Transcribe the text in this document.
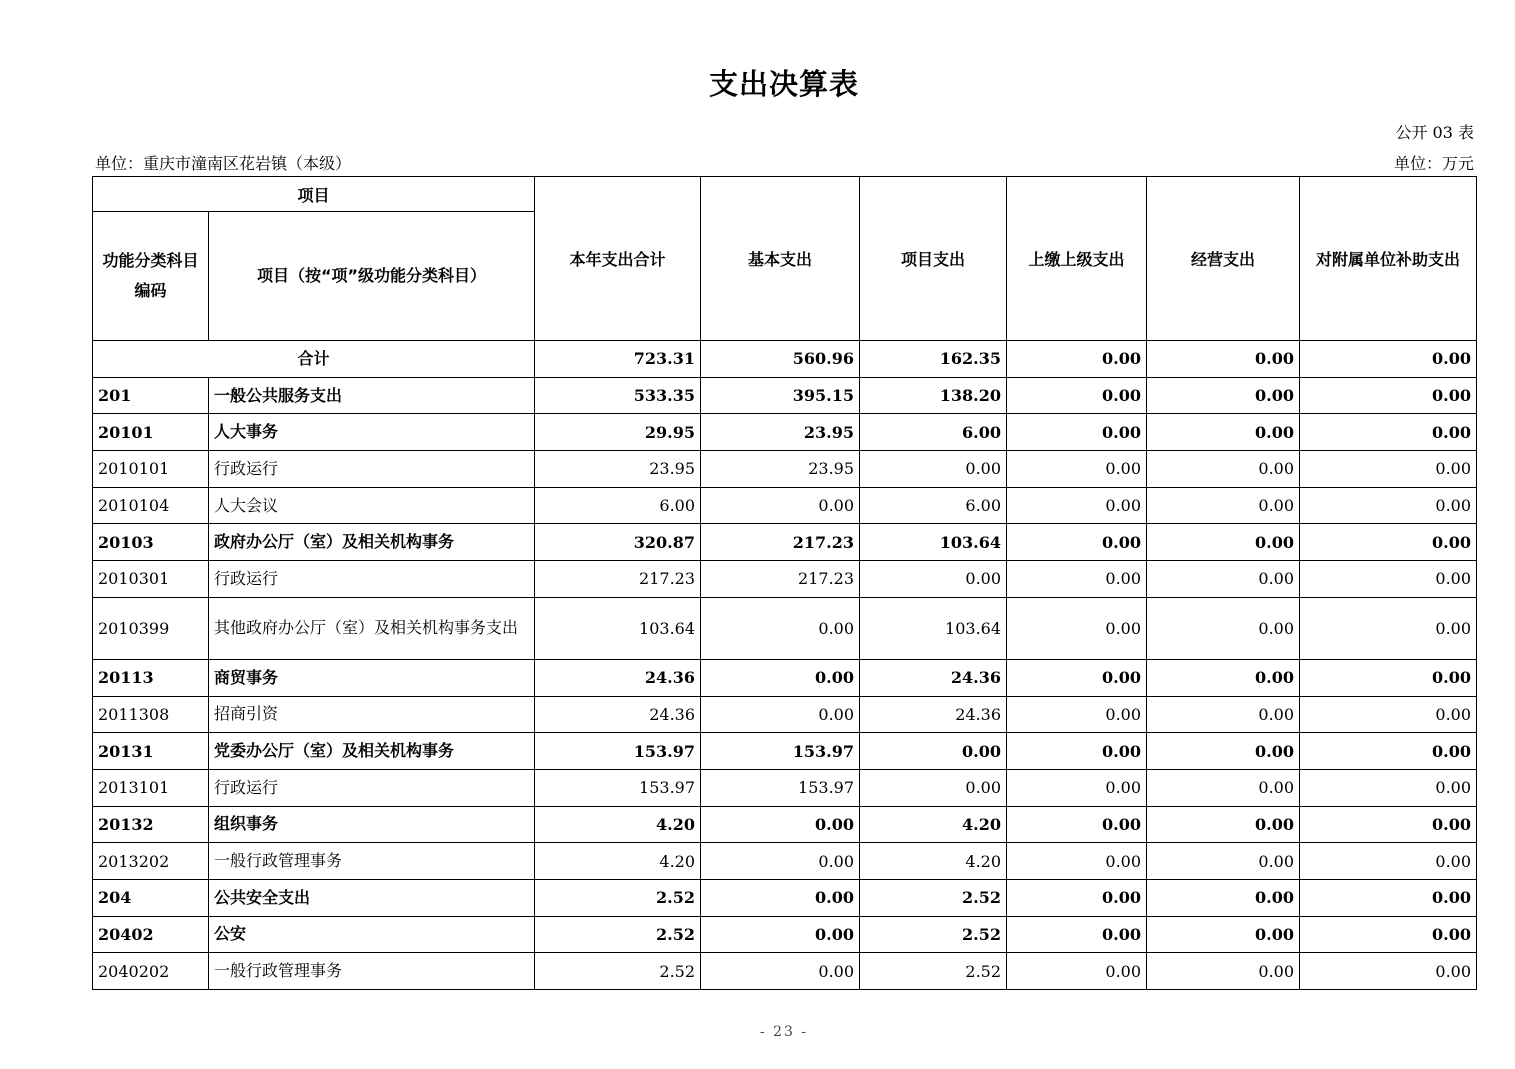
支出决算表
公开 03 表
单位：重庆市潼南区花岩镇（本级）	单位：万元
项目		本年支出合计	基本支出	项目支出	上缴上级支出	经营支出	对附属单位补助支出
功能分类科目编码	项目（按“项”级功能分类科目）						
合计		723.31	560.96	162.35	0.00	0.00	0.00
201	一般公共服务支出	533.35	395.15	138.20	0.00	0.00	0.00
20101	人大事务	29.95	23.95	6.00	0.00	0.00	0.00
2010101	行政运行	23.95	23.95	0.00	0.00	0.00	0.00
2010104	人大会议	6.00	0.00	6.00	0.00	0.00	0.00
20103	政府办公厅（室）及相关机构事务	320.87	217.23	103.64	0.00	0.00	0.00
2010301	行政运行	217.23	217.23	0.00	0.00	0.00	0.00
2010399	其他政府办公厅（室）及相关机构事务支出	103.64	0.00	103.64	0.00	0.00	0.00
20113	商贸事务	24.36	0.00	24.36	0.00	0.00	0.00
2011308	招商引资	24.36	0.00	24.36	0.00	0.00	0.00
20131	党委办公厅（室）及相关机构事务	153.97	153.97	0.00	0.00	0.00	0.00
2013101	行政运行	153.97	153.97	0.00	0.00	0.00	0.00
20132	组织事务	4.20	0.00	4.20	0.00	0.00	0.00
2013202	一般行政管理事务	4.20	0.00	4.20	0.00	0.00	0.00
204	公共安全支出	2.52	0.00	2.52	0.00	0.00	0.00
20402	公安	2.52	0.00	2.52	0.00	0.00	0.00
2040202	一般行政管理事务	2.52	0.00	2.52	0.00	0.00	0.00
- 23 -
